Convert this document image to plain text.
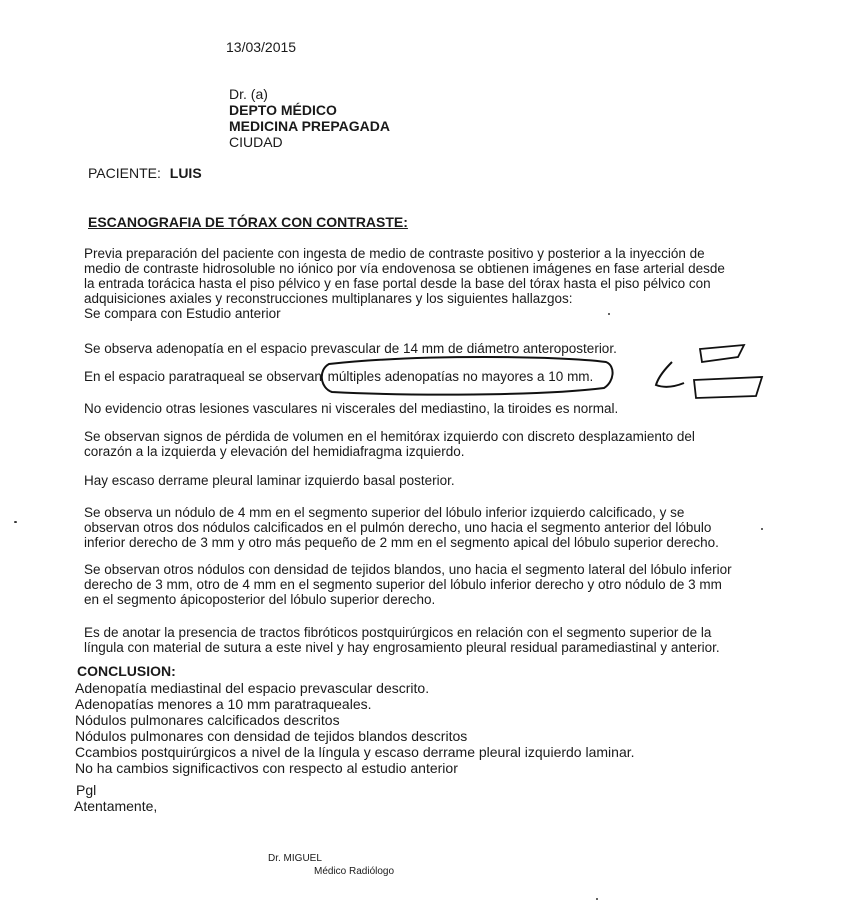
13/03/2015
Dr. (a)
DEPTO MÉDICO
MEDICINA PREPAGADA
CIUDAD
PACIENTE: LUIS
ESCANOGRAFIA DE TÓRAX CON CONTRASTE:
Previa preparación del paciente con ingesta de medio de contraste positivo y posterior a la inyección de
medio de contraste hidrosoluble no iónico por vía endovenosa se obtienen imágenes en fase arterial desde
la entrada torácica hasta el piso pélvico y en fase portal desde la base del tórax hasta el piso pélvico con
adquisiciones axiales y reconstrucciones multiplanares y los siguientes hallazgos:
Se compara con Estudio anterior
Se observa adenopatía en el espacio prevascular de 14 mm de diámetro anteroposterior.
En el espacio paratraqueal se observan múltiples adenopatías no mayores a 10 mm.
No evidencio otras lesiones vasculares ni viscerales del mediastino, la tiroides es normal.
Se observan signos de pérdida de volumen en el hemitórax izquierdo con discreto desplazamiento del
corazón a la izquierda y elevación del hemidiafragma izquierdo.
Hay escaso derrame pleural laminar izquierdo basal posterior.
Se observa un nódulo de 4 mm en el segmento superior del lóbulo inferior izquierdo calcificado, y se
observan otros dos nódulos calcificados en el pulmón derecho, uno hacia el segmento anterior del lóbulo
inferior derecho de 3 mm y otro más pequeño de 2 mm en el segmento apical del lóbulo superior derecho.
Se observan otros nódulos con densidad de tejidos blandos, uno hacia el segmento lateral del lóbulo inferior
derecho de 3 mm, otro de 4 mm en el segmento superior del lóbulo inferior derecho y otro nódulo de 3 mm
en el segmento ápicoposterior del lóbulo superior derecho.
Es de anotar la presencia de tractos fibróticos postquirúrgicos en relación con el segmento superior de la
língula con material de sutura a este nivel y hay engrosamiento pleural residual paramediastinal y anterior.
CONCLUSION:
Adenopatía mediastinal del espacio prevascular descrito.
Adenopatías menores a 10 mm paratraqueales.
Nódulos pulmonares calcificados descritos
Nódulos pulmonares con densidad de tejidos blandos descritos
Ccambios postquirúrgicos a nivel de la língula y escaso derrame pleural izquierdo laminar.
No ha cambios significactivos con respecto al estudio anterior
Pgl
Atentamente,
Dr. MIGUEL
Médico Radiólogo
